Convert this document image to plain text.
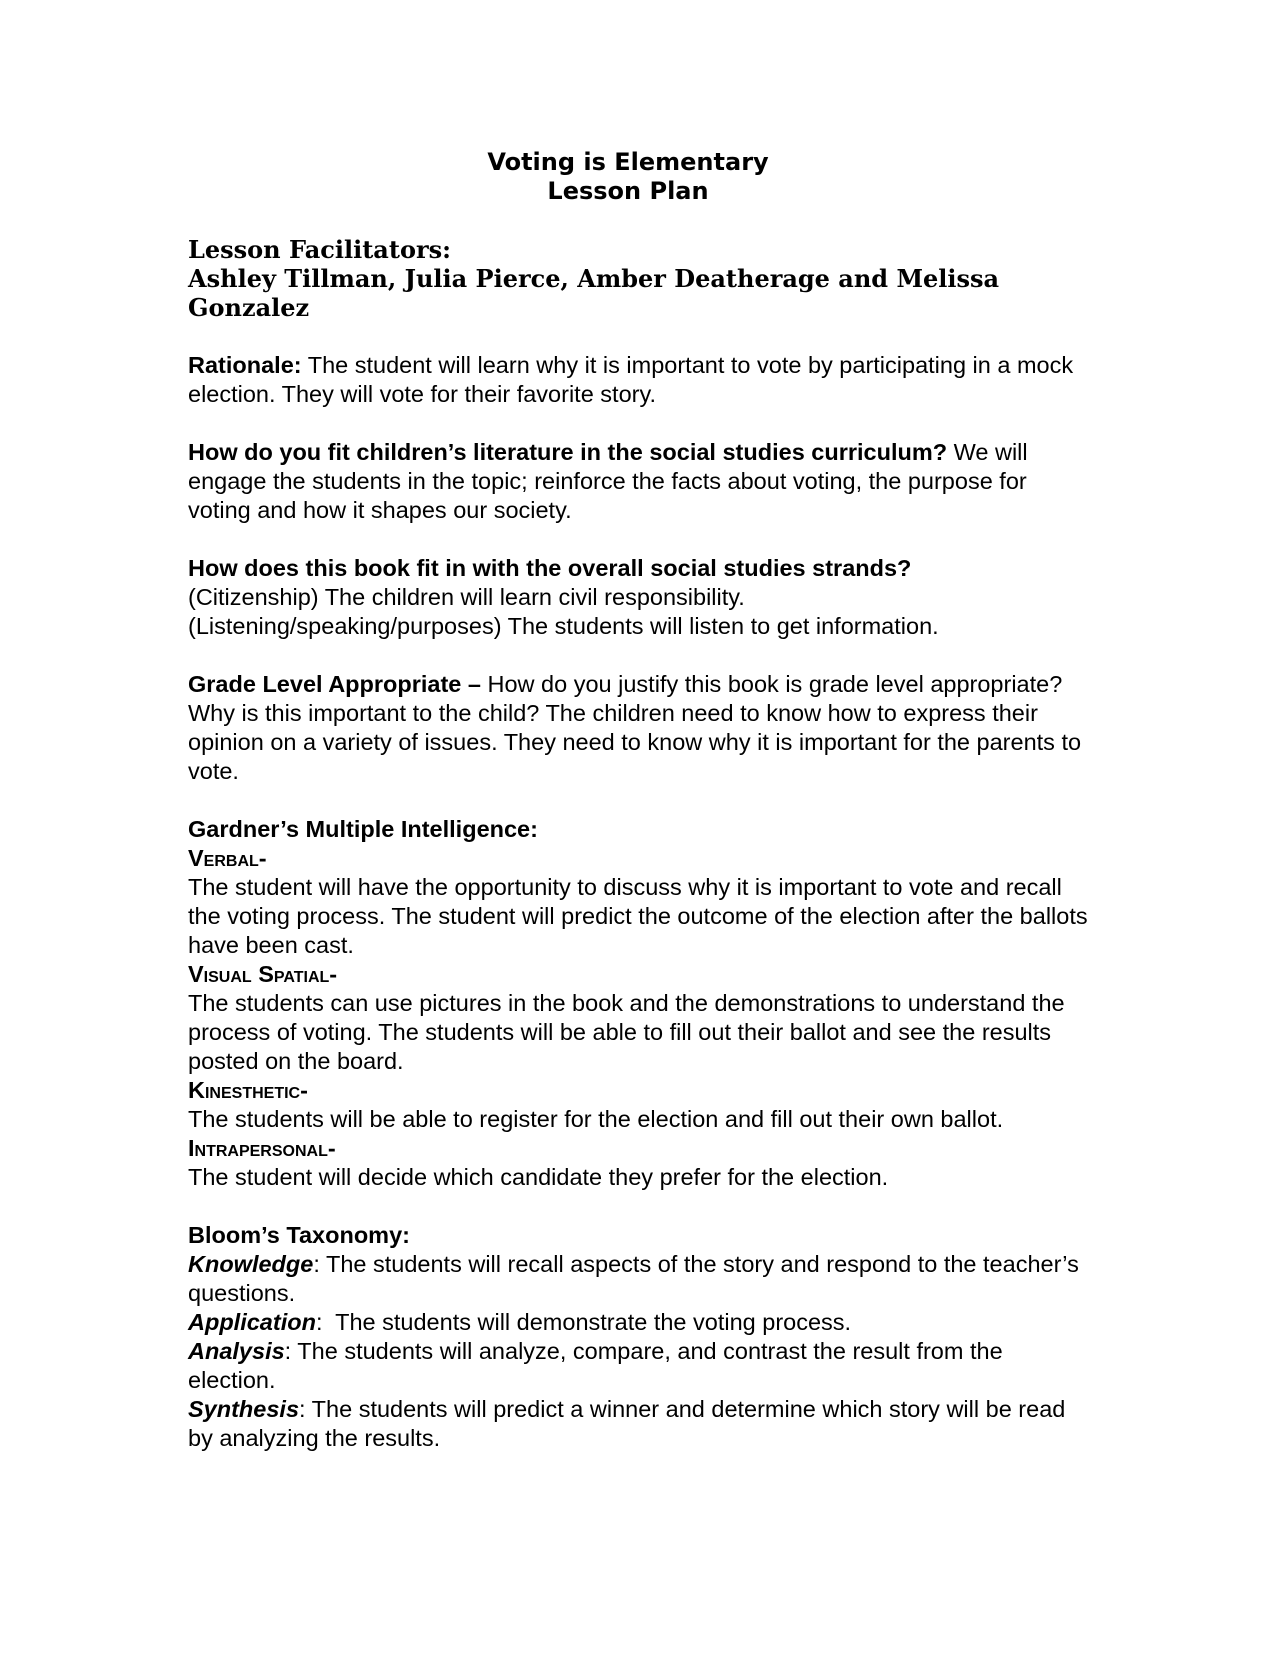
Voting is Elementary
Lesson Plan
Lesson Facilitators:
Ashley Tillman, Julia Pierce, Amber Deatherage and Melissa Gonzalez

Rationale: The student will learn why it is important to vote by participating in a mock election. They will vote for their favorite story.

How do you fit children’s literature in the social studies curriculum? We will engage the students in the topic; reinforce the facts about voting, the purpose for voting and how it shapes our society.

How does this book fit in with the overall social studies strands?
(Citizenship) The children will learn civil responsibility.
(Listening/speaking/purposes) The students will listen to get information.

Grade Level Appropriate – How do you justify this book is grade level appropriate? Why is this important to the child? The children need to know how to express their opinion on a variety of issues. They need to know why it is important for the parents to vote.

Gardner’s Multiple Intelligence:
Verbal-
The student will have the opportunity to discuss why it is important to vote and recall the voting process. The student will predict the outcome of the election after the ballots have been cast.
Visual Spatial-
The students can use pictures in the book and the demonstrations to understand the process of voting. The students will be able to fill out their ballot and see the results posted on the board.
Kinesthetic-
The students will be able to register for the election and fill out their own ballot.
Intrapersonal-
The student will decide which candidate they prefer for the election.
Bloom’s Taxonomy:
Knowledge: The students will recall aspects of the story and respond to the teacher’s questions.
Application:  The students will demonstrate the voting process.
Analysis: The students will analyze, compare, and contrast the result from the election.
Synthesis: The students will predict a winner and determine which story will be read by analyzing the results.
